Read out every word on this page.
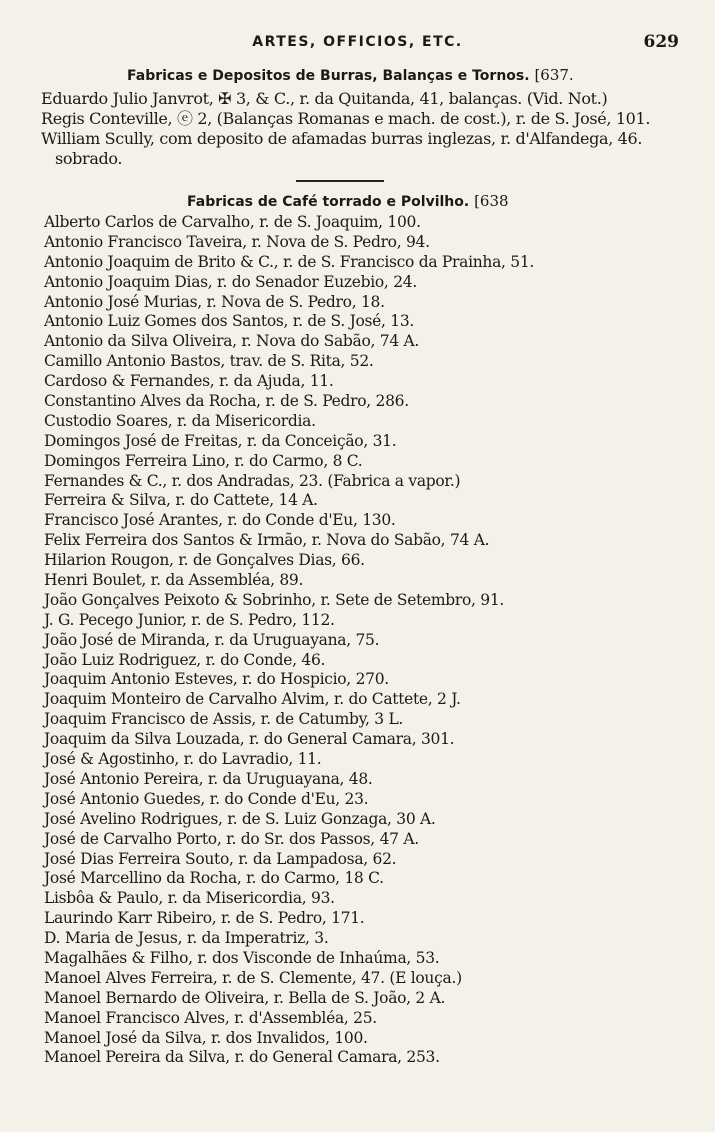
ARTES, OFFICIOS, ETC.	629
Fabricas e Depositos de Burras, Balanças e Tornos. [637.
Eduardo Julio Janvrot, ✠ 3, & C., r. da Quitanda, 41, balanças. (Vid. Not.)
Regis Conteville, ⓔ 2, (Balanças Romanas e mach. de cost.), r. de S. José, 101.
William Scully, com deposito de afamadas burras inglezas, r. d'Alfandega, 46.
sobrado.
Fabricas de Café torrado e Polvilho. [638
Alberto Carlos de Carvalho, r. de S. Joaquim, 100.
Antonio Francisco Taveira, r. Nova de S. Pedro, 94.
Antonio Joaquim de Brito & C., r. de S. Francisco da Prainha, 51.
Antonio Joaquim Dias, r. do Senador Euzebio, 24.
Antonio José Murias, r. Nova de S. Pedro, 18.
Antonio Luiz Gomes dos Santos, r. de S. José, 13.
Antonio da Silva Oliveira, r. Nova do Sabão, 74 A.
Camillo Antonio Bastos, trav. de S. Rita, 52.
Cardoso & Fernandes, r. da Ajuda, 11.
Constantino Alves da Rocha, r. de S. Pedro, 286.
Custodio Soares, r. da Misericordia.
Domingos José de Freitas, r. da Conceição, 31.
Domingos Ferreira Lino, r. do Carmo, 8 C.
Fernandes & C., r. dos Andradas, 23. (Fabrica a vapor.)
Ferreira & Silva, r. do Cattete, 14 A.
Francisco José Arantes, r. do Conde d'Eu, 130.
Felix Ferreira dos Santos & Irmão, r. Nova do Sabão, 74 A.
Hilarion Rougon, r. de Gonçalves Dias, 66.
Henri Boulet, r. da Assembléa, 89.
João Gonçalves Peixoto & Sobrinho, r. Sete de Setembro, 91.
J. G. Pecego Junior, r. de S. Pedro, 112.
João José de Miranda, r. da Uruguayana, 75.
João Luiz Rodriguez, r. do Conde, 46.
Joaquim Antonio Esteves, r. do Hospicio, 270.
Joaquim Monteiro de Carvalho Alvim, r. do Cattete, 2 J.
Joaquim Francisco de Assis, r. de Catumby, 3 L.
Joaquim da Silva Louzada, r. do General Camara, 301.
José & Agostinho, r. do Lavradio, 11.
José Antonio Pereira, r. da Uruguayana, 48.
José Antonio Guedes, r. do Conde d'Eu, 23.
José Avelino Rodrigues, r. de S. Luiz Gonzaga, 30 A.
José de Carvalho Porto, r. do Sr. dos Passos, 47 A.
José Dias Ferreira Souto, r. da Lampadosa, 62.
José Marcellino da Rocha, r. do Carmo, 18 C.
Lisbôa & Paulo, r. da Misericordia, 93.
Laurindo Karr Ribeiro, r. de S. Pedro, 171.
D. Maria de Jesus, r. da Imperatriz, 3.
Magalhães & Filho, r. dos Visconde de Inhaúma, 53.
Manoel Alves Ferreira, r. de S. Clemente, 47. (E louça.)
Manoel Bernardo de Oliveira, r. Bella de S. João, 2 A.
Manoel Francisco Alves, r. d'Assembléa, 25.
Manoel José da Silva, r. dos Invalidos, 100.
Manoel Pereira da Silva, r. do General Camara, 253.
